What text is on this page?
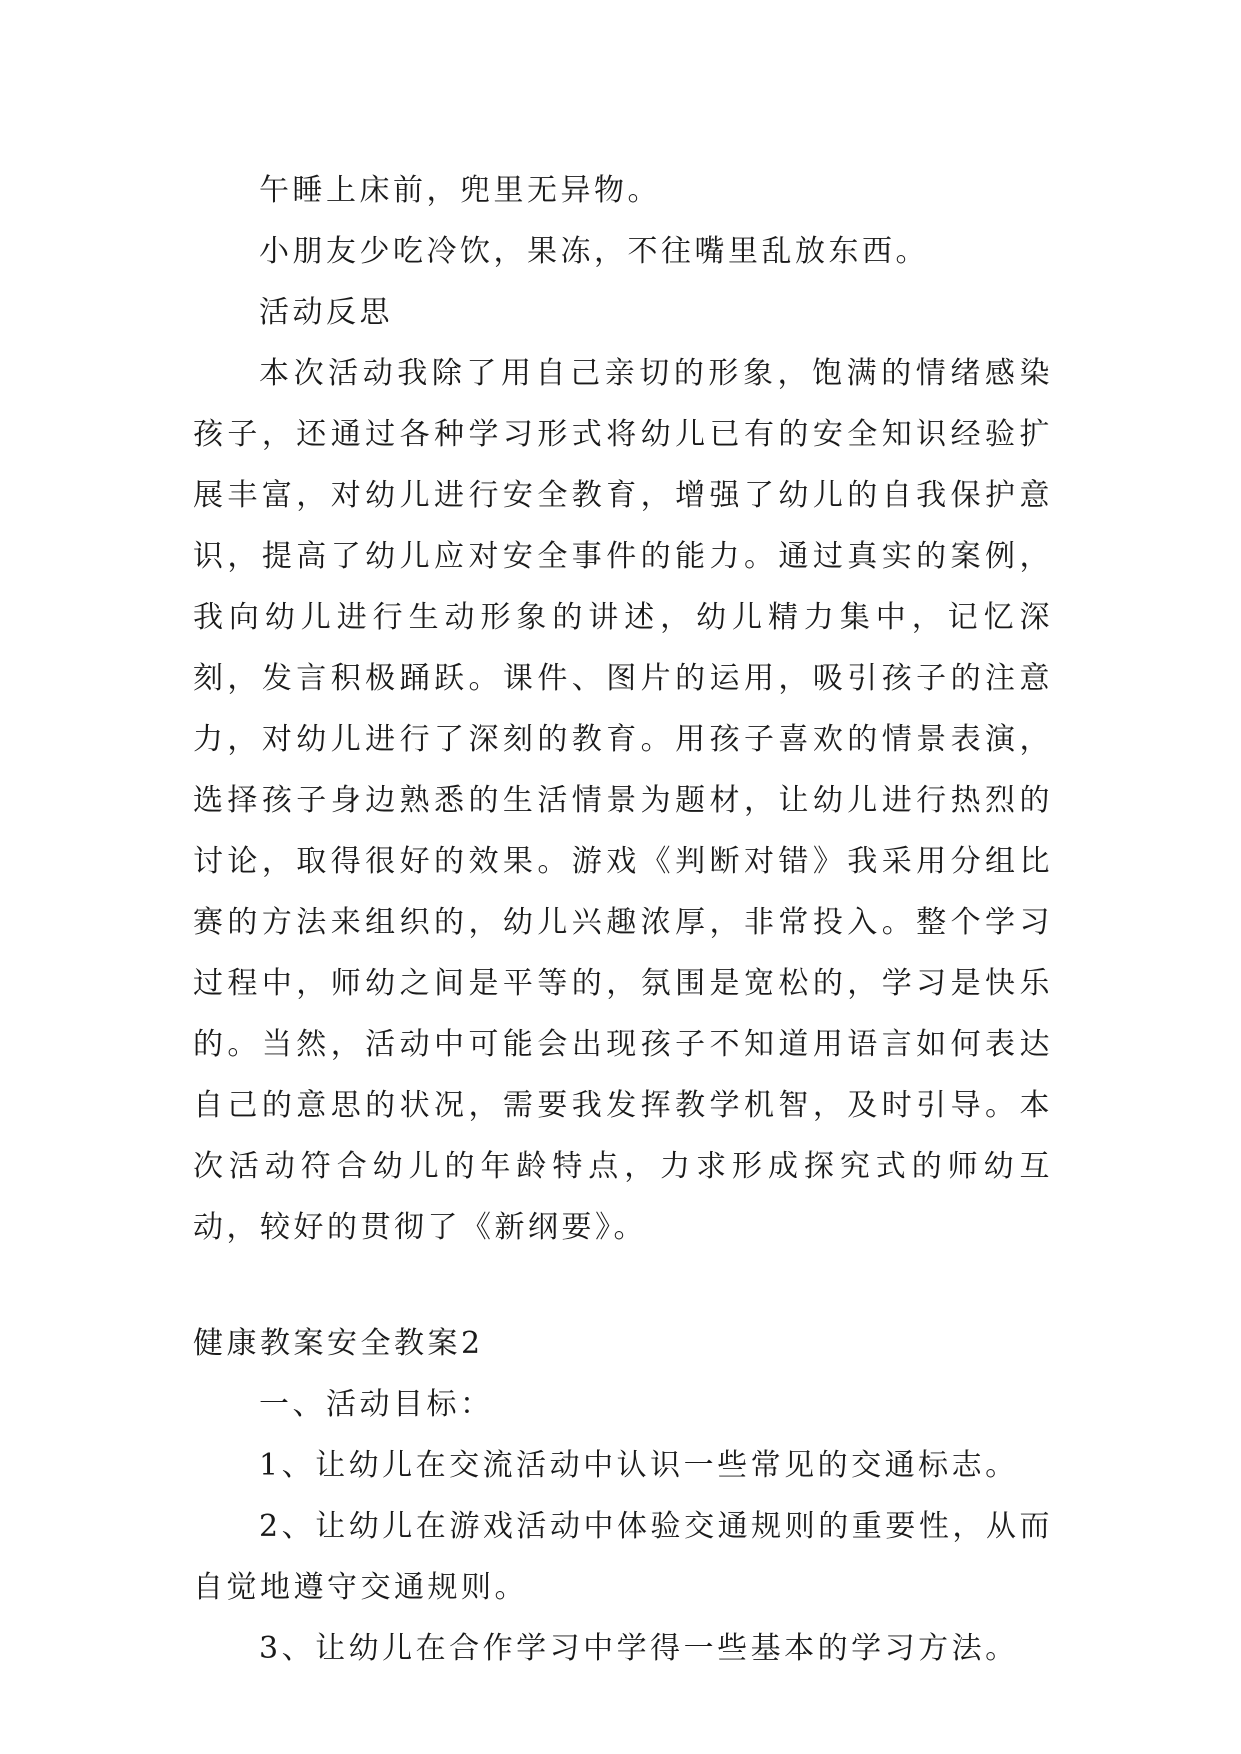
午睡上床前，兜里无异物。

小朋友少吃冷饮，果冻，不往嘴里乱放东西。

活动反思

本次活动我除了用自己亲切的形象，饱满的情绪感染孩子，还通过各种学习形式将幼儿已有的安全知识经验扩展丰富，对幼儿进行安全教育，增强了幼儿的自我保护意识，提高了幼儿应对安全事件的能力。通过真实的案例，我向幼儿进行生动形象的讲述，幼儿精力集中，记忆深刻，发言积极踊跃。课件、图片的运用，吸引孩子的注意力，对幼儿进行了深刻的教育。用孩子喜欢的情景表演，选择孩子身边熟悉的生活情景为题材，让幼儿进行热烈的讨论，取得很好的效果。游戏《判断对错》我采用分组比赛的方法来组织的，幼儿兴趣浓厚，非常投入。整个学习过程中，师幼之间是平等的，氛围是宽松的，学习是快乐的。当然，活动中可能会出现孩子不知道用语言如何表达自己的意思的状况，需要我发挥教学机智，及时引导。本次活动符合幼儿的年龄特点，力求形成探究式的师幼互动，较好的贯彻了《新纲要》。

健康教案安全教案2

一、活动目标：

1、让幼儿在交流活动中认识一些常见的交通标志。

2、让幼儿在游戏活动中体验交通规则的重要性，从而自觉地遵守交通规则。

3、让幼儿在合作学习中学得一些基本的学习方法。
